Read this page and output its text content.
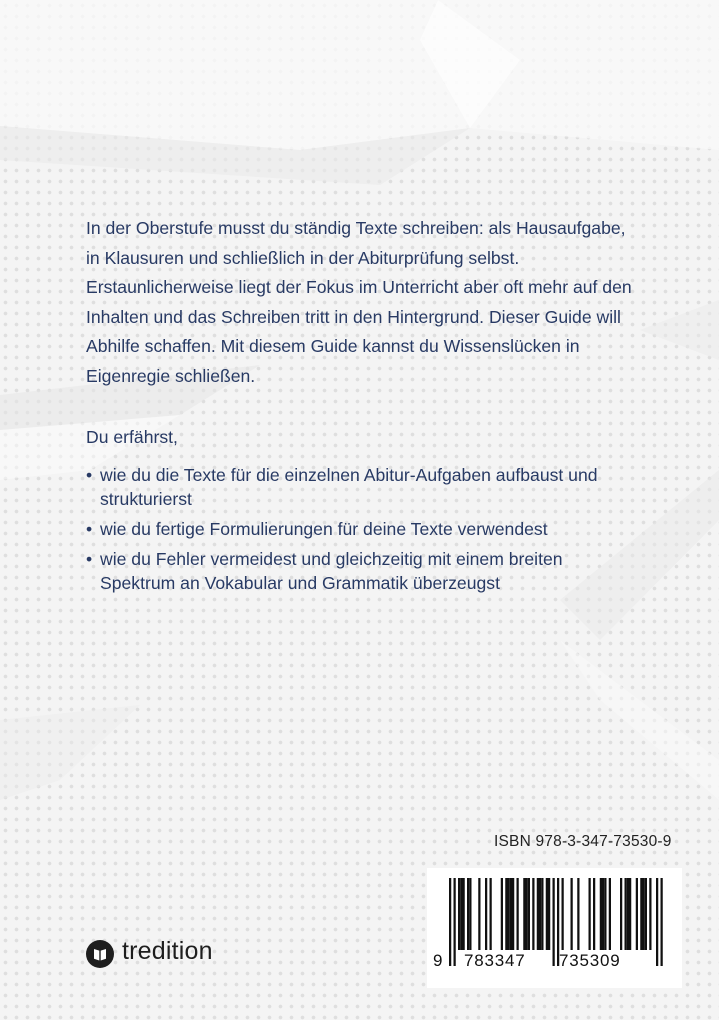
In der Oberstufe musst du ständig Texte schreiben: als Hausaufgabe,
in Klausuren und schließlich in der Abiturprüfung selbst.
Erstaunlicherweise liegt der Fokus im Unterricht aber oft mehr auf den
Inhalten und das Schreiben tritt in den Hintergrund. Dieser Guide will
Abhilfe schaffen. Mit diesem Guide kannst du Wissenslücken in
Eigenregie schließen.

Du erfährst,

• wie du die Texte für die einzelnen Abitur-Aufgaben aufbaust und
strukturierst
• wie du fertige Formulierungen für deine Texte verwendest
• wie du Fehler vermeidest und gleichzeitig mit einem breiten
Spektrum an Vokabular und Grammatik überzeugst
ISBN 978-3-347-73530-9
9 783347 735309
tredition
